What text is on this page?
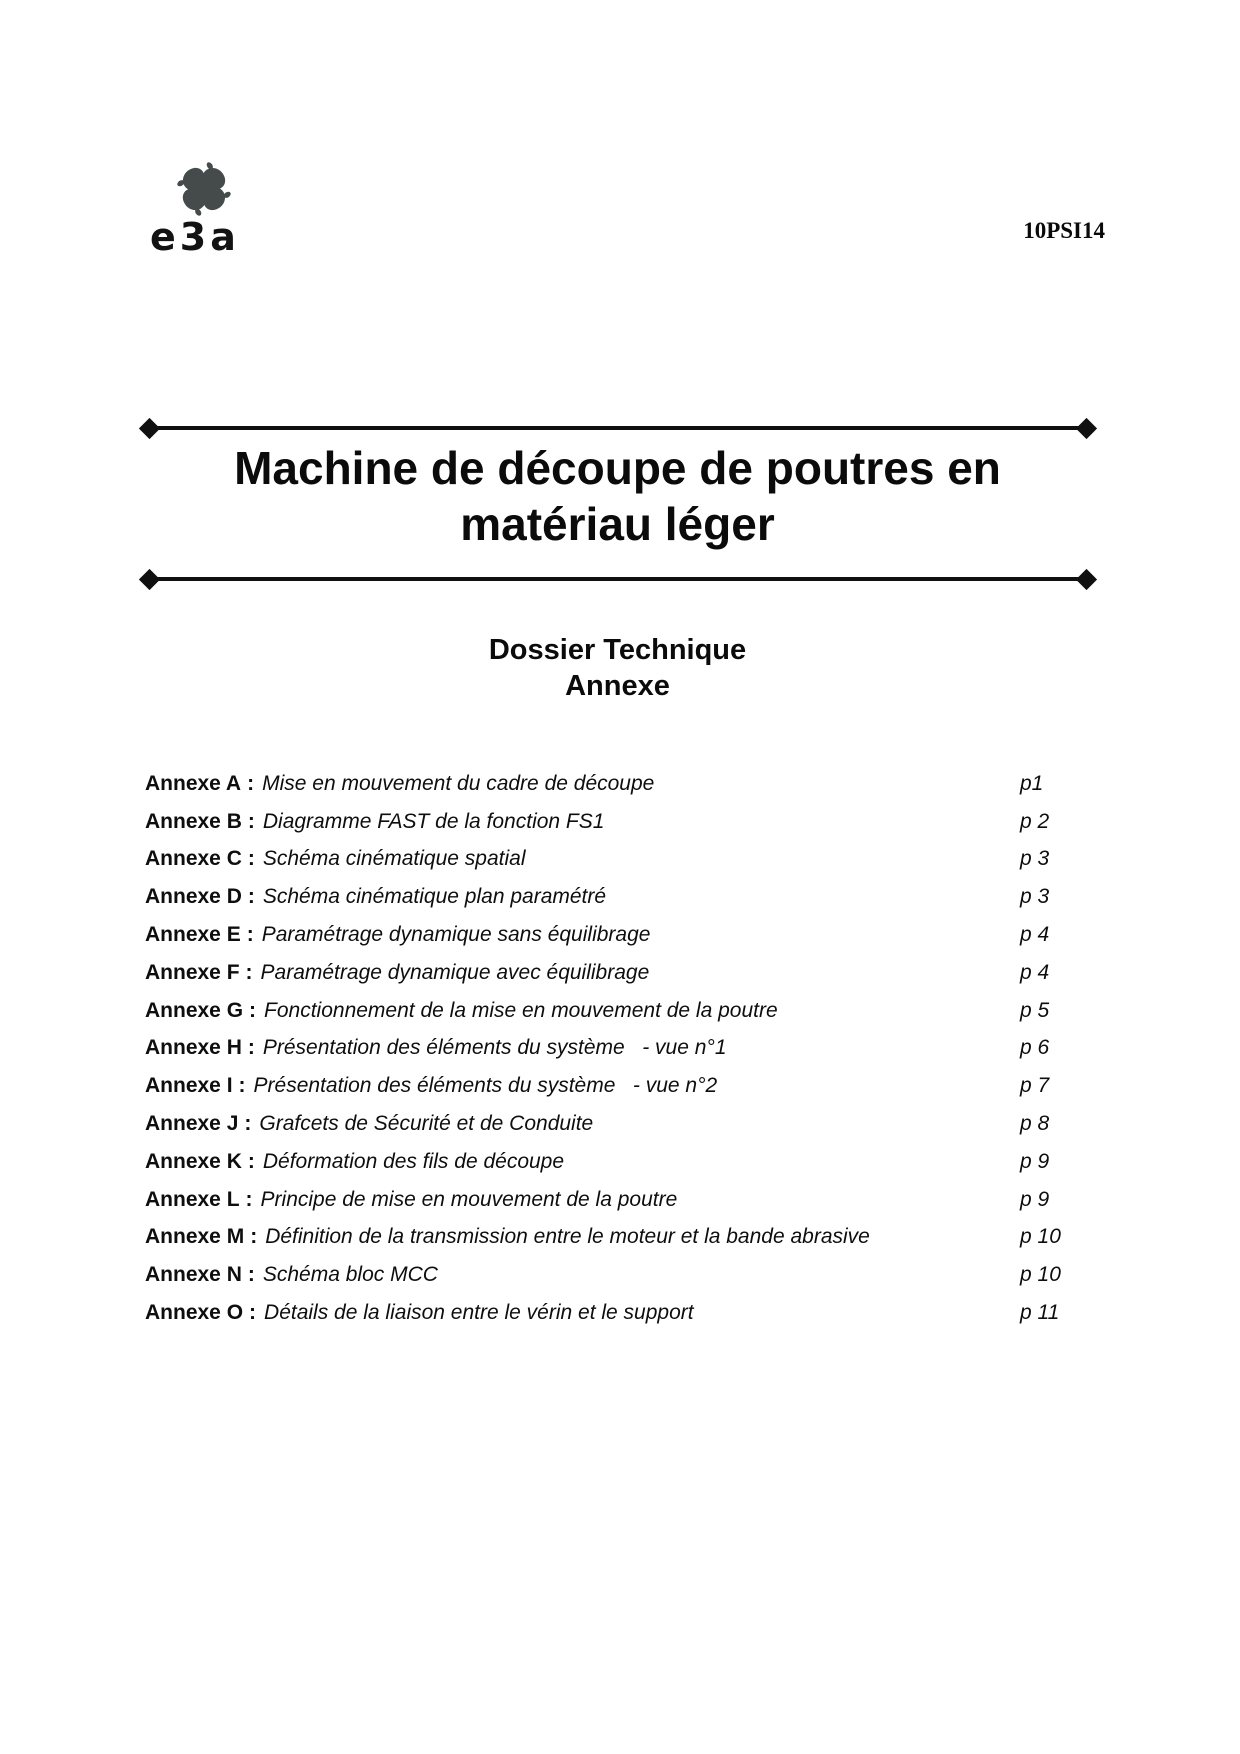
e3a	10PSI14
Machine de découpe de poutres en
matériau léger
Dossier Technique
Annexe
Annexe A : Mise en mouvement du cadre de découpe	p1
Annexe B : Diagramme FAST de la fonction FS1	p 2
Annexe C : Schéma cinématique spatial	p 3
Annexe D : Schéma cinématique plan paramétré	p 3
Annexe E : Paramétrage dynamique sans équilibrage	p 4
Annexe F : Paramétrage dynamique avec équilibrage	p 4
Annexe G : Fonctionnement de la mise en mouvement de la poutre	p 5
Annexe H : Présentation des éléments du système   - vue n°1	p 6
Annexe I : Présentation des éléments du système   - vue n°2	p 7
Annexe J : Grafcets de Sécurité et de Conduite	p 8
Annexe K : Déformation des fils de découpe	p 9
Annexe L : Principe de mise en mouvement de la poutre	p 9
Annexe M : Définition de la transmission entre le moteur et la bande abrasive	p 10
Annexe N : Schéma bloc MCC	p 10
Annexe O : Détails de la liaison entre le vérin et le support	p 11
